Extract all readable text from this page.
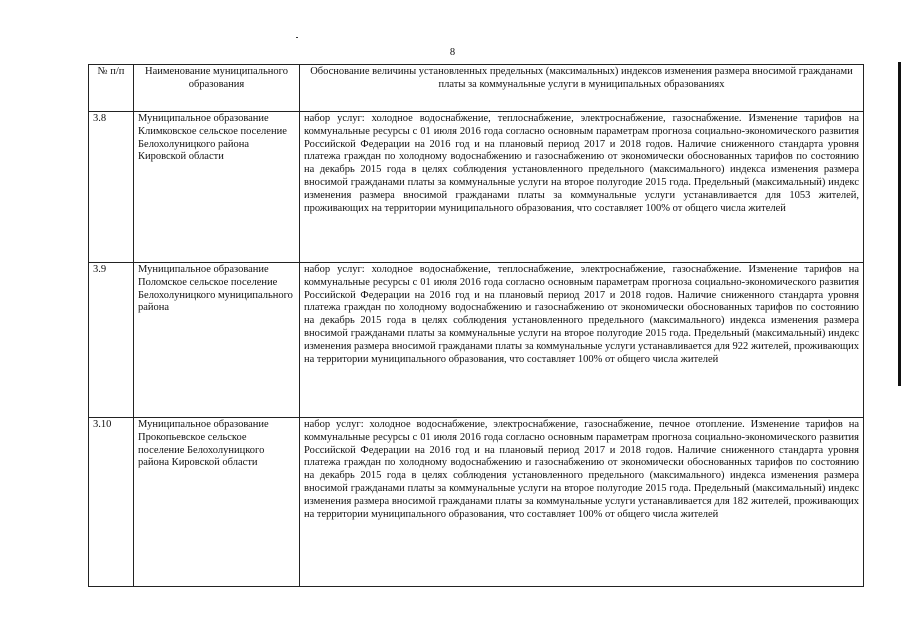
8
№ п/п	Наименование муниципального образования	Обоснование величины установленных предельных (максимальных) индексов изменения размера вносимой гражданами платы за коммунальные услуги в муниципальных образованиях
3.8	Муниципальное образование Климковское сельское поселение Белохолуницкого района Кировской области	набор услуг: холодное водоснабжение, теплоснабжение, электроснабжение, газоснабжение. Изменение тарифов на коммунальные ресурсы с 01 июля 2016 года согласно основным параметрам прогноза социально-экономического развития Российской Федерации на 2016 год и на плановый период 2017 и 2018 годов. Наличие сниженного стандарта уровня платежа граждан по холодному водоснабжению и газоснабжению от экономически обоснованных тарифов по состоянию на декабрь 2015 года в целях соблюдения установленного предельного (максимального) индекса изменения размера вносимой гражданами платы за коммунальные услуги на второе полугодие 2015 года. Предельный (максимальный) индекс изменения размера вносимой гражданами платы за коммунальные услуги устанавливается для 1053 жителей, проживающих на территории муниципального образования, что составляет 100% от общего числа жителей
3.9	Муниципальное образование Поломское сельское поселение Белохолуницкого муниципального района	набор услуг: холодное водоснабжение, теплоснабжение, электроснабжение, газоснабжение. Изменение тарифов на коммунальные ресурсы с 01 июля 2016 года согласно основным параметрам прогноза социально-экономического развития Российской Федерации на 2016 год и на плановый период 2017 и 2018 годов. Наличие сниженного стандарта уровня платежа граждан по холодному водоснабжению и газоснабжению от экономически обоснованных тарифов по состоянию на декабрь 2015 года в целях соблюдения установленного предельного (максимального) индекса изменения размера вносимой гражданами платы за коммунальные услуги на второе полугодие 2015 года. Предельный (максимальный) индекс изменения размера вносимой гражданами платы за коммунальные услуги устанавливается для 922 жителей, проживающих на территории муниципального образования, что составляет 100% от общего числа жителей
3.10	Муниципальное образование Прокопьевское сельское поселение Белохолуницкого района Кировской области	набор услуг: холодное водоснабжение, электроснабжение, газоснабжение, печное отопление. Изменение тарифов на коммунальные ресурсы с 01 июля 2016 года согласно основным параметрам прогноза социально-экономического развития Российской Федерации на 2016 год и на плановый период 2017 и 2018 годов. Наличие сниженного стандарта уровня платежа граждан по холодному водоснабжению и газоснабжению от экономически обоснованных тарифов по состоянию на декабрь 2015 года в целях соблюдения установленного предельного (максимального) индекса изменения размера вносимой гражданами платы за коммунальные услуги на второе полугодие 2015 года. Предельный (максимальный) индекс изменения размера вносимой гражданами платы за коммунальные услуги устанавливается для 182 жителей, проживающих на территории муниципального образования, что составляет 100% от общего числа жителей
